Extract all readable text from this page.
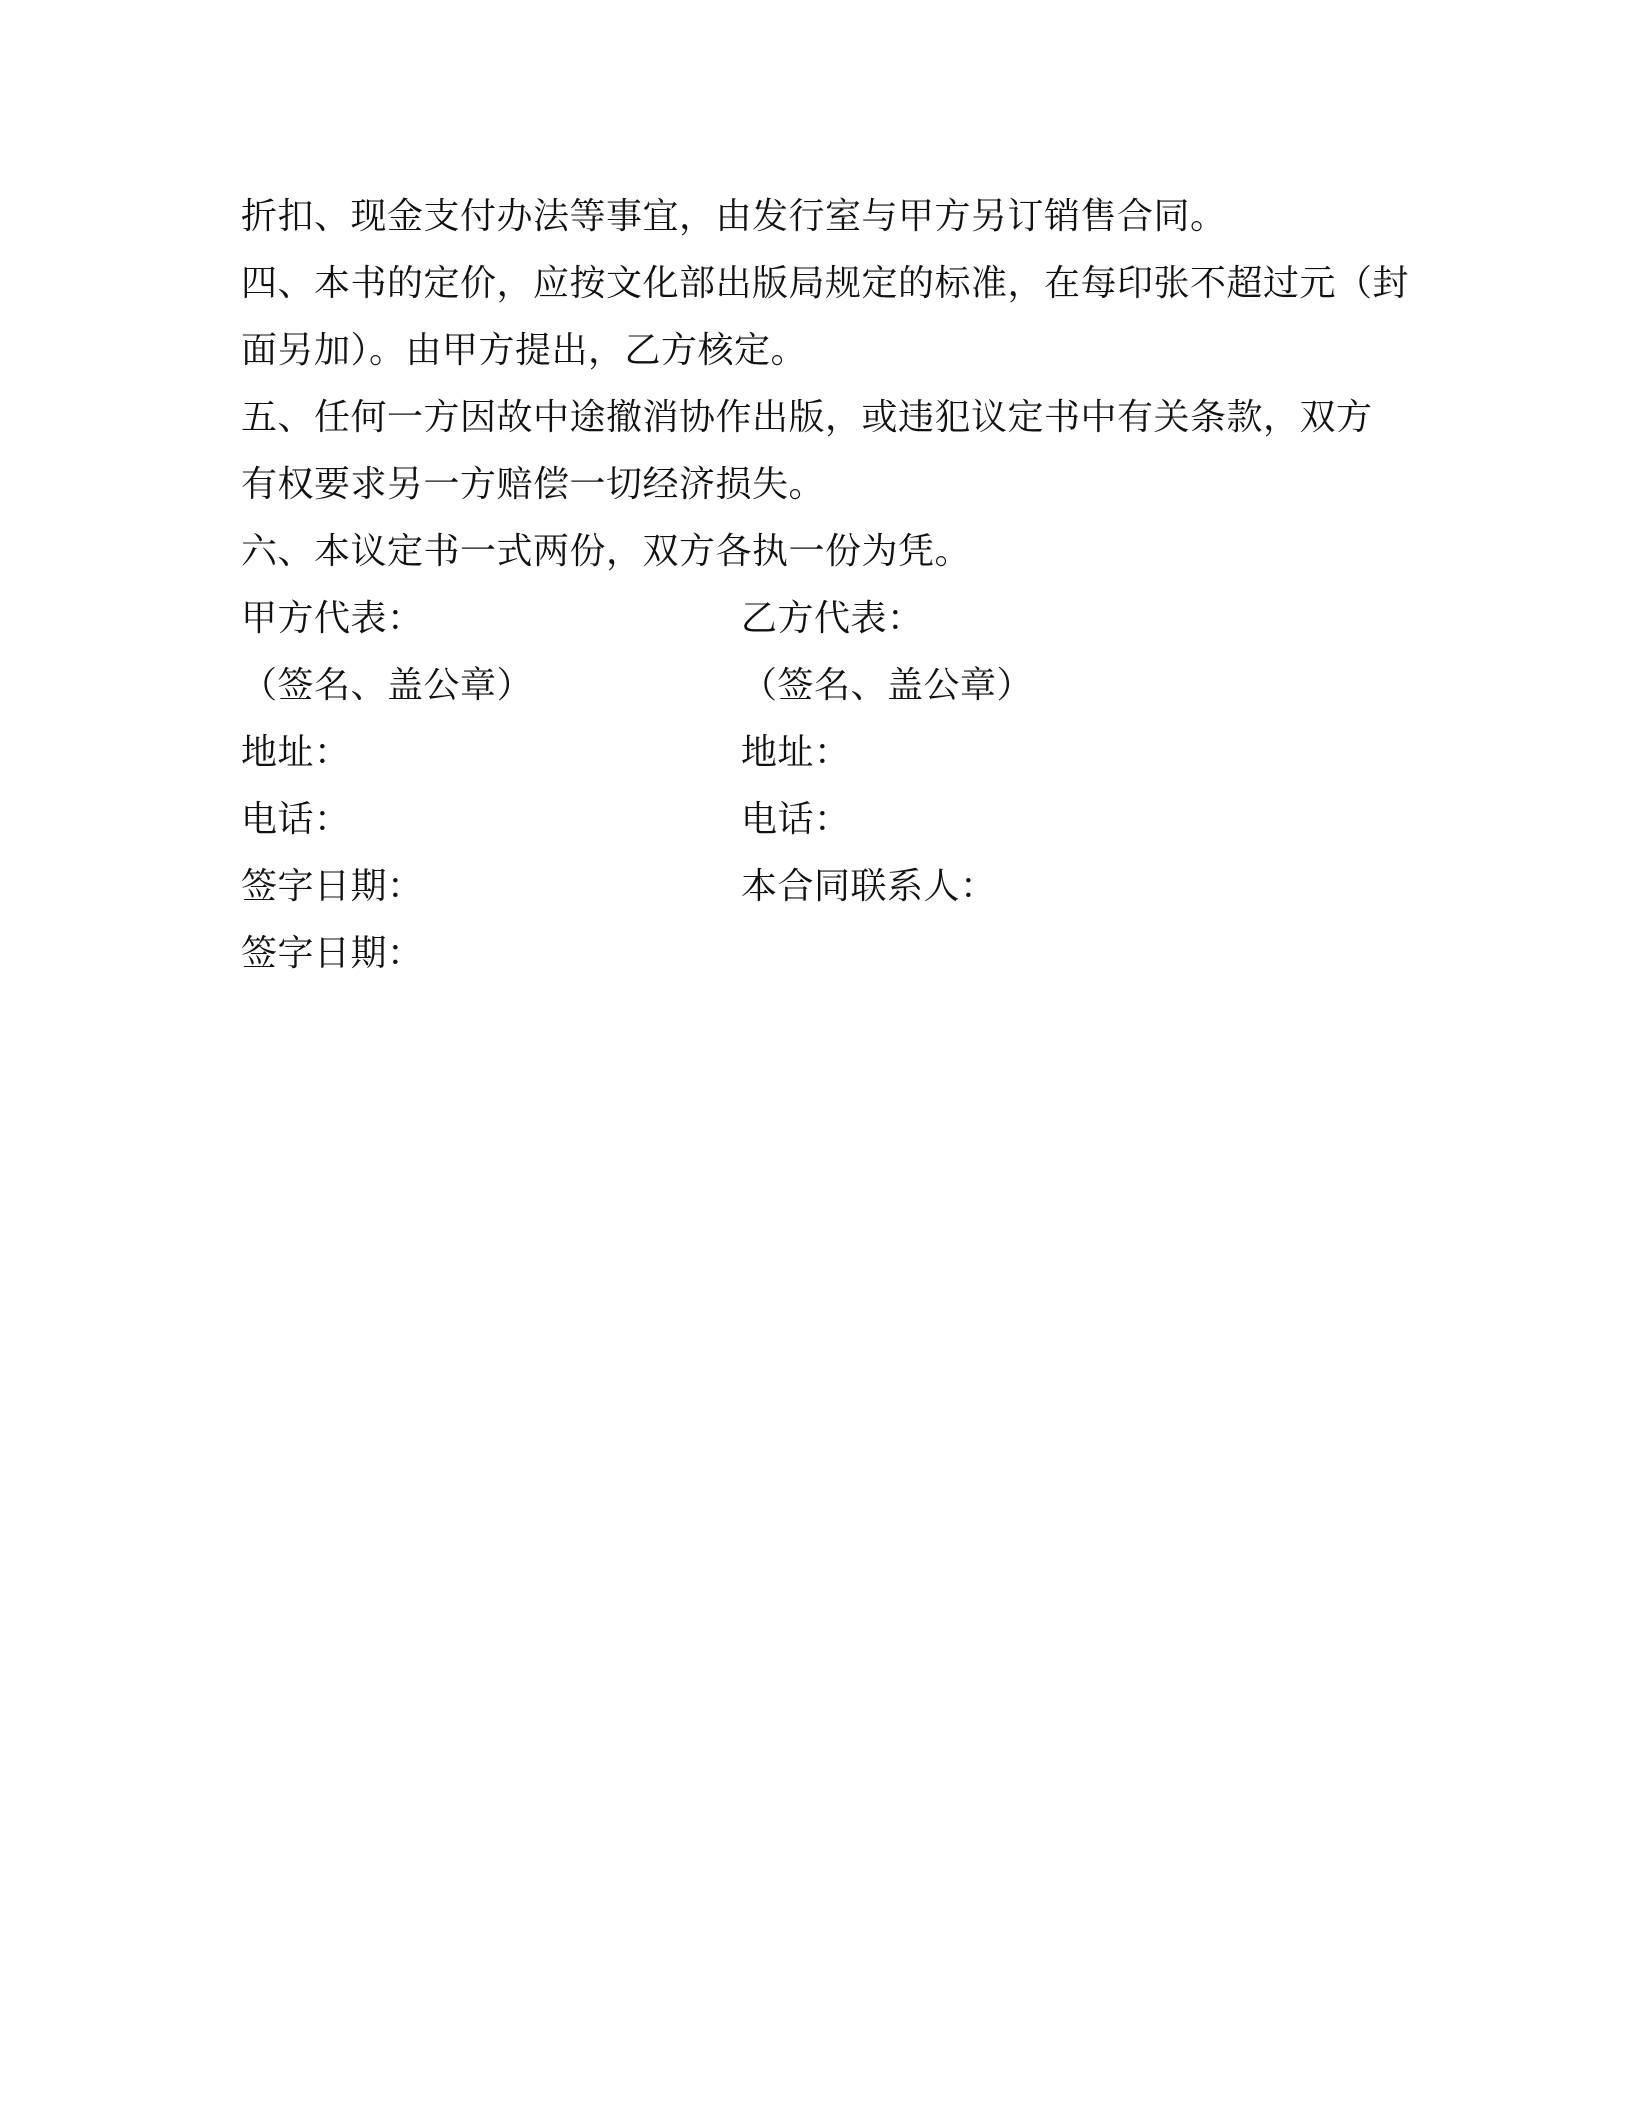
折扣、现金支付办法等事宜，由发行室与甲方另订销售合同。
四、本书的定价，应按文化部出版局规定的标准，在每印张不超过元（封
面另加）。由甲方提出，乙方核定。
五、任何一方因故中途撤消协作出版，或违犯议定书中有关条款，双方
有权要求另一方赔偿一切经济损失。
六、本议定书一式两份，双方各执一份为凭。
甲方代表：	乙方代表：
（签名、盖公章）	（签名、盖公章）
地址：	地址：
电话：	电话：
签字日期：	本合同联系人：
签字日期：
